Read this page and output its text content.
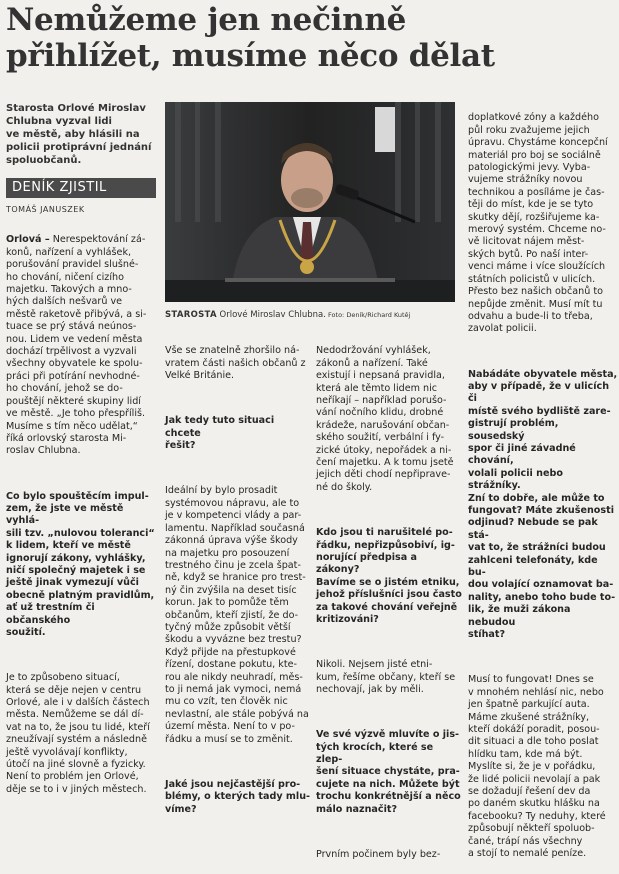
Nemůžeme jen nečinně
přihlížet, musíme něco dělat
Starosta Orlové Miroslav
Chlubna vyzval lidi
ve městě, aby hlásili na
policii protiprávní jednání
spoluobčanů.
DENÍK ZJISTIL
TOMÁŠ JANUSZEK

Orlová – Nerespektování zá-
konů, nařízení a vyhlášek,
porušování pravidel slušné-
ho chování, ničení cizího
majetku. Takových a mno-
hých dalších nešvarů ve
městě raketově přibývá, a si-
tuace se prý stává neúnos-
nou. Lidem ve vedení města
dochází trpělivost a vyzvali
všechny obyvatele ke spolu-
práci při potírání nevhodné-
ho chování, jehož se do-
pouštějí některé skupiny lidí
ve městě. „Je toho přespříliš.
Musíme s tím něco udělat,“
říká orlovský starosta Mi-
roslav Chlubna.

Co bylo spouštěcím impul-
zem, že jste ve městě vyhlá-
sili tzv. „nulovou toleranci“
k lidem, kteří ve městě
ignorují zákony, vyhlášky,
ničí společný majetek i se
ještě jinak vymezují vůči
obecně platným pravidlům,
ať už trestním či občanského
soužití.

Je to způsobeno situací,
která se děje nejen v centru
Orlové, ale i v dalších částech
města. Nemůžeme se dál dí-
vat na to, že jsou tu lidé, kteří
zneužívají systém a následně
ještě vyvolávají konflikty,
útočí na jiné slovně a fyzicky.
Není to problém jen Orlové,
děje se to i v jiných městech.

STAROSTA Orlové Miroslav Chlubna. Foto: Deník/Richard Kutěj

Vše se znatelně zhoršilo ná-
vratem části našich občanů z
Velké Británie.

Jak tedy tuto situaci chcete
řešit?

Ideální by bylo prosadit
systémovou nápravu, ale to
je v kompetenci vlády a par-
lamentu. Například současná
zákonná úprava výše škody
na majetku pro posouzení
trestného činu je zcela špat-
ně, když se hranice pro trest-
ný čin zvýšila na deset tisíc
korun. Jak to pomůže těm
občanům, kteří zjistí, že do-
tyčný může způsobit větší
škodu a vyvázne bez trestu?
Když přijde na přestupkové
řízení, dostane pokutu, kte-
rou ale nikdy neuhradí, měs-
to ji nemá jak vymoci, nemá
mu co vzít, ten člověk nic
nevlastní, ale stále pobývá na
území města. Není to v po-
řádku a musí se to změnit.

Jaké jsou nejčastější pro-
blémy, o kterých tady mlu-
víme?

Nedodržování vyhlášek,
zákonů a nařízení. Také
existují i nepsaná pravidla,
která ale těmto lidem nic
neříkají – například porušo-
vání nočního klidu, drobné
krádeže, narušování občan-
ského soužití, verbální i fy-
zické útoky, nepořádek a ni-
čení majetku. A k tomu jsetě
jejich děti chodí nepřiprave-
né do školy.

Kdo jsou ti narušitelé po-
řádku, nepřizpůsobiví, ig-
norující předpisa a zákony?
Bavíme se o jistém etniku,
jehož příslušníci jsou často
za takové chování veřejně
kritizováni?

Nikoli. Nejsem jisté etni-
kum, řešíme občany, kteří se
nechovají, jak by měli.

Ve své výzvě mluvíte o jis-
tých krocích, které se zlep-
šení situace chystáte, pra-
cujete na nich. Můžete být
trochu konkrétnější a něco
málo naznačit?

Prvním počinem byly bez-

doplatkové zóny a každého
půl roku zvažujeme jejich
úpravu. Chystáme koncepční
materiál pro boj se sociálně
patologickými jevy. Vyba-
vujeme strážníky novou
technikou a posíláme je čas-
těji do míst, kde je se tyto
skutky dějí, rozšiřujeme ka-
merový systém. Chceme no-
vě licitovat nájem měst-
ských bytů. Po naší inter-
venci máme i více sloužících
státních policistů v ulicích.
Přesto bez našich občanů to
nepůjde změnit. Musí mít tu
odvahu a bude-li to třeba,
zavolat policii.

Nabádáte obyvatele města,
aby v případě, že v ulicích či
místě svého bydliště zare-
gistrují problém, sousedský
spor či jiné závadné chování,
volali policii nebo strážníky.
Zní to dobře, ale může to
fungovat? Máte zkušenosti
odjinud? Nebude se pak stá-
vat to, že strážníci budou
zahlceni telefonáty, kde bu-
dou volající oznamovat ba-
nality, anebo toho bude to-
lik, že muži zákona nebudou
stíhat?

Musí to fungovat! Dnes se
v mnohém nehlásí nic, nebo
jen špatně parkující auta.
Máme zkušené strážníky,
kteří dokáží poradit, posou-
dit situaci a dle toho poslat
hlídku tam, kde má být.
Myslíte si, že je v pořádku,
že lidé policii nevolají a pak
se dožadují řešení dev da
po daném skutku hlášku na
facebooku? Ty neduhy, které
způsobují někteří spoluob-
čané, trápí nás všechny
a stojí to nemalé peníze.
